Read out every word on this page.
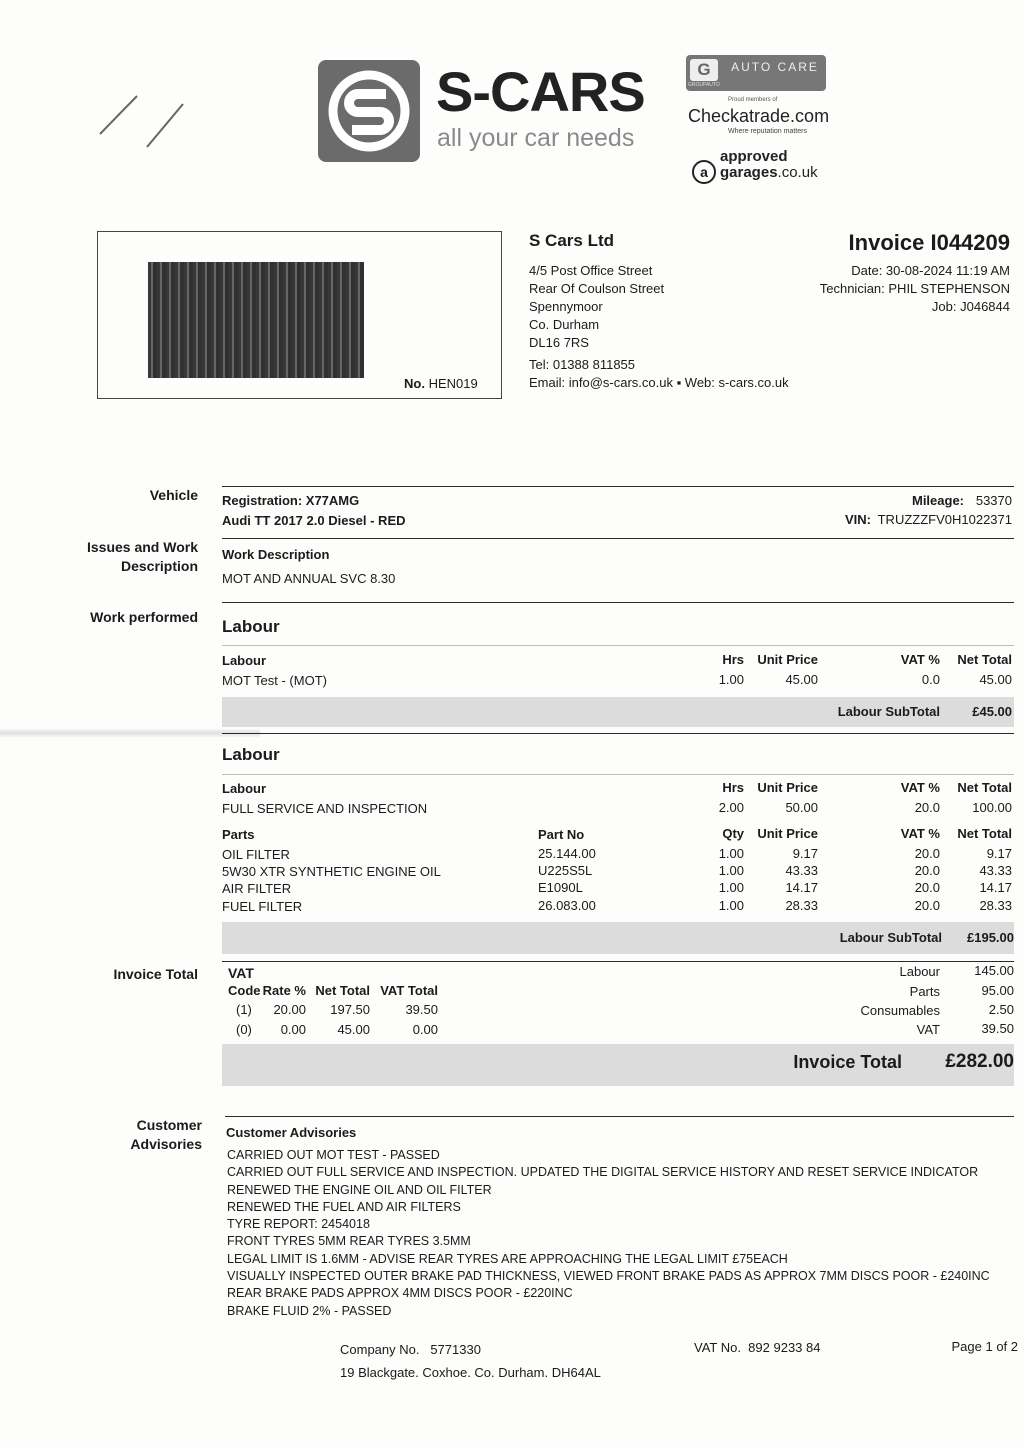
S-CARS
all your car needs
G	AUTO CARE
GROUPAUTO
Proud members of
Checkatrade.com
Where reputation matters
a
approved
garages.co.uk
No. HEN019
S Cars Ltd
4/5 Post Office Street
Rear Of Coulson Street
Spennymoor
Co. Durham
DL16 7RS
Tel: 01388 811855
Email: info@s-cars.co.uk ▪ Web: s-cars.co.uk
Invoice I044209
Date: 30-08-2024 11:19 AM
Technician: PHIL STEPHENSON
Job: J046844
Vehicle
Issues and Work Description
Work performed
Invoice Total
Customer Advisories
Registration: X77AMG
Audi TT 2017 2.0 Diesel - RED
Mileage: 53370
VIN: TRUZZZFV0H1022371
Work Description
MOT AND ANNUAL SVC 8.30
Labour
Labour	Hrs Unit Price	VAT % Net Total
MOT Test - (MOT)	1.00	45.00	0.0	45.00
Labour SubTotal £45.00
Labour
Labour	Hrs Unit Price	VAT % Net Total
FULL SERVICE AND INSPECTION	2.00	50.00	20.0 100.00
Parts	Part No	Qty Unit Price	VAT % Net Total
OIL FILTER	25.144.00	1.00	9.17	20.0	9.17
5W30 XTR SYNTHETIC ENGINE OIL	U225S5L	1.00	43.33	20.0	43.33
AIR FILTER	E1090L	1.00	14.17	20.0	14.17
FUEL FILTER	26.083.00	1.00	28.33	20.0	28.33
Labour SubTotal £195.00
VAT
Code Rate % Net Total VAT Total
(1) 20.00 197.50	39.50
(0) 0.00 45.00	0.00
Labour	145.00
Parts	95.00
Consumables	2.50
VAT	39.50
Invoice Total £282.00
Customer Advisories
CARRIED OUT MOT TEST - PASSED
CARRIED OUT FULL SERVICE AND INSPECTION. UPDATED THE DIGITAL SERVICE HISTORY AND RESET SERVICE INDICATOR
RENEWED THE ENGINE OIL AND OIL FILTER
RENEWED THE FUEL AND AIR FILTERS
TYRE REPORT: 2454018
FRONT TYRES 5MM REAR TYRES 3.5MM
LEGAL LIMIT IS 1.6MM - ADVISE REAR TYRES ARE APPROACHING THE LEGAL LIMIT £75EACH
VISUALLY INSPECTED OUTER BRAKE PAD THICKNESS, VIEWED FRONT BRAKE PADS AS APPROX 7MM DISCS POOR - £240INC
REAR BRAKE PADS APPROX 4MM DISCS POOR - £220INC
BRAKE FLUID 2% - PASSED
Company No.   5771330
19 Blackgate. Coxhoe. Co. Durham. DH64AL
VAT No.  892 9233 84	Page 1 of 2
